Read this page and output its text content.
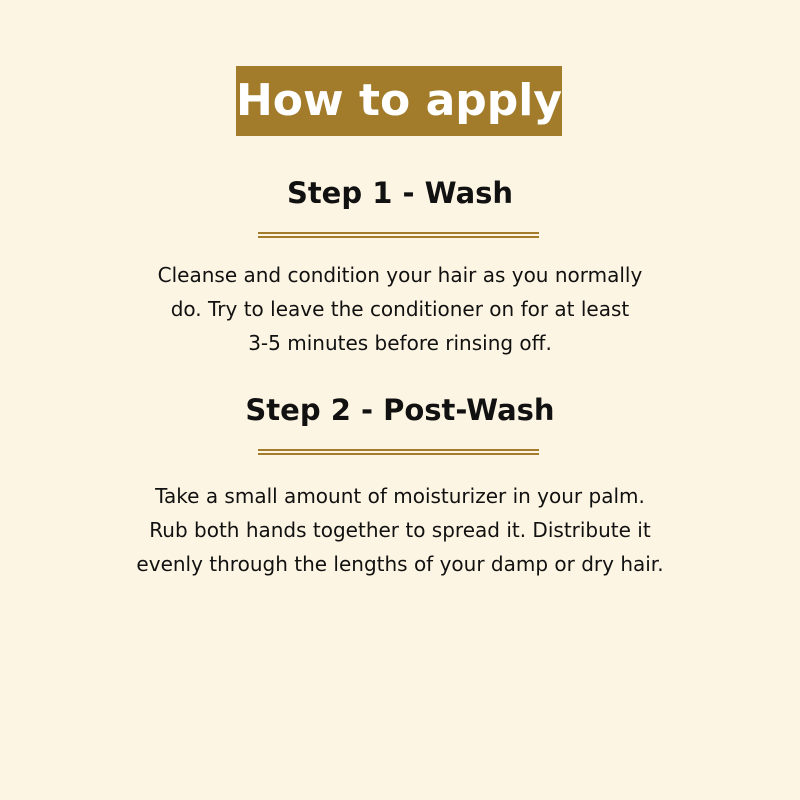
How to apply
Step 1 - Wash
Cleanse and condition your hair as you normally
do. Try to leave the conditioner on for at least
3-5 minutes before rinsing off.
Step 2 - Post-Wash
Take a small amount of moisturizer in your palm.
Rub both hands together to spread it. Distribute it
evenly through the lengths of your damp or dry hair.
